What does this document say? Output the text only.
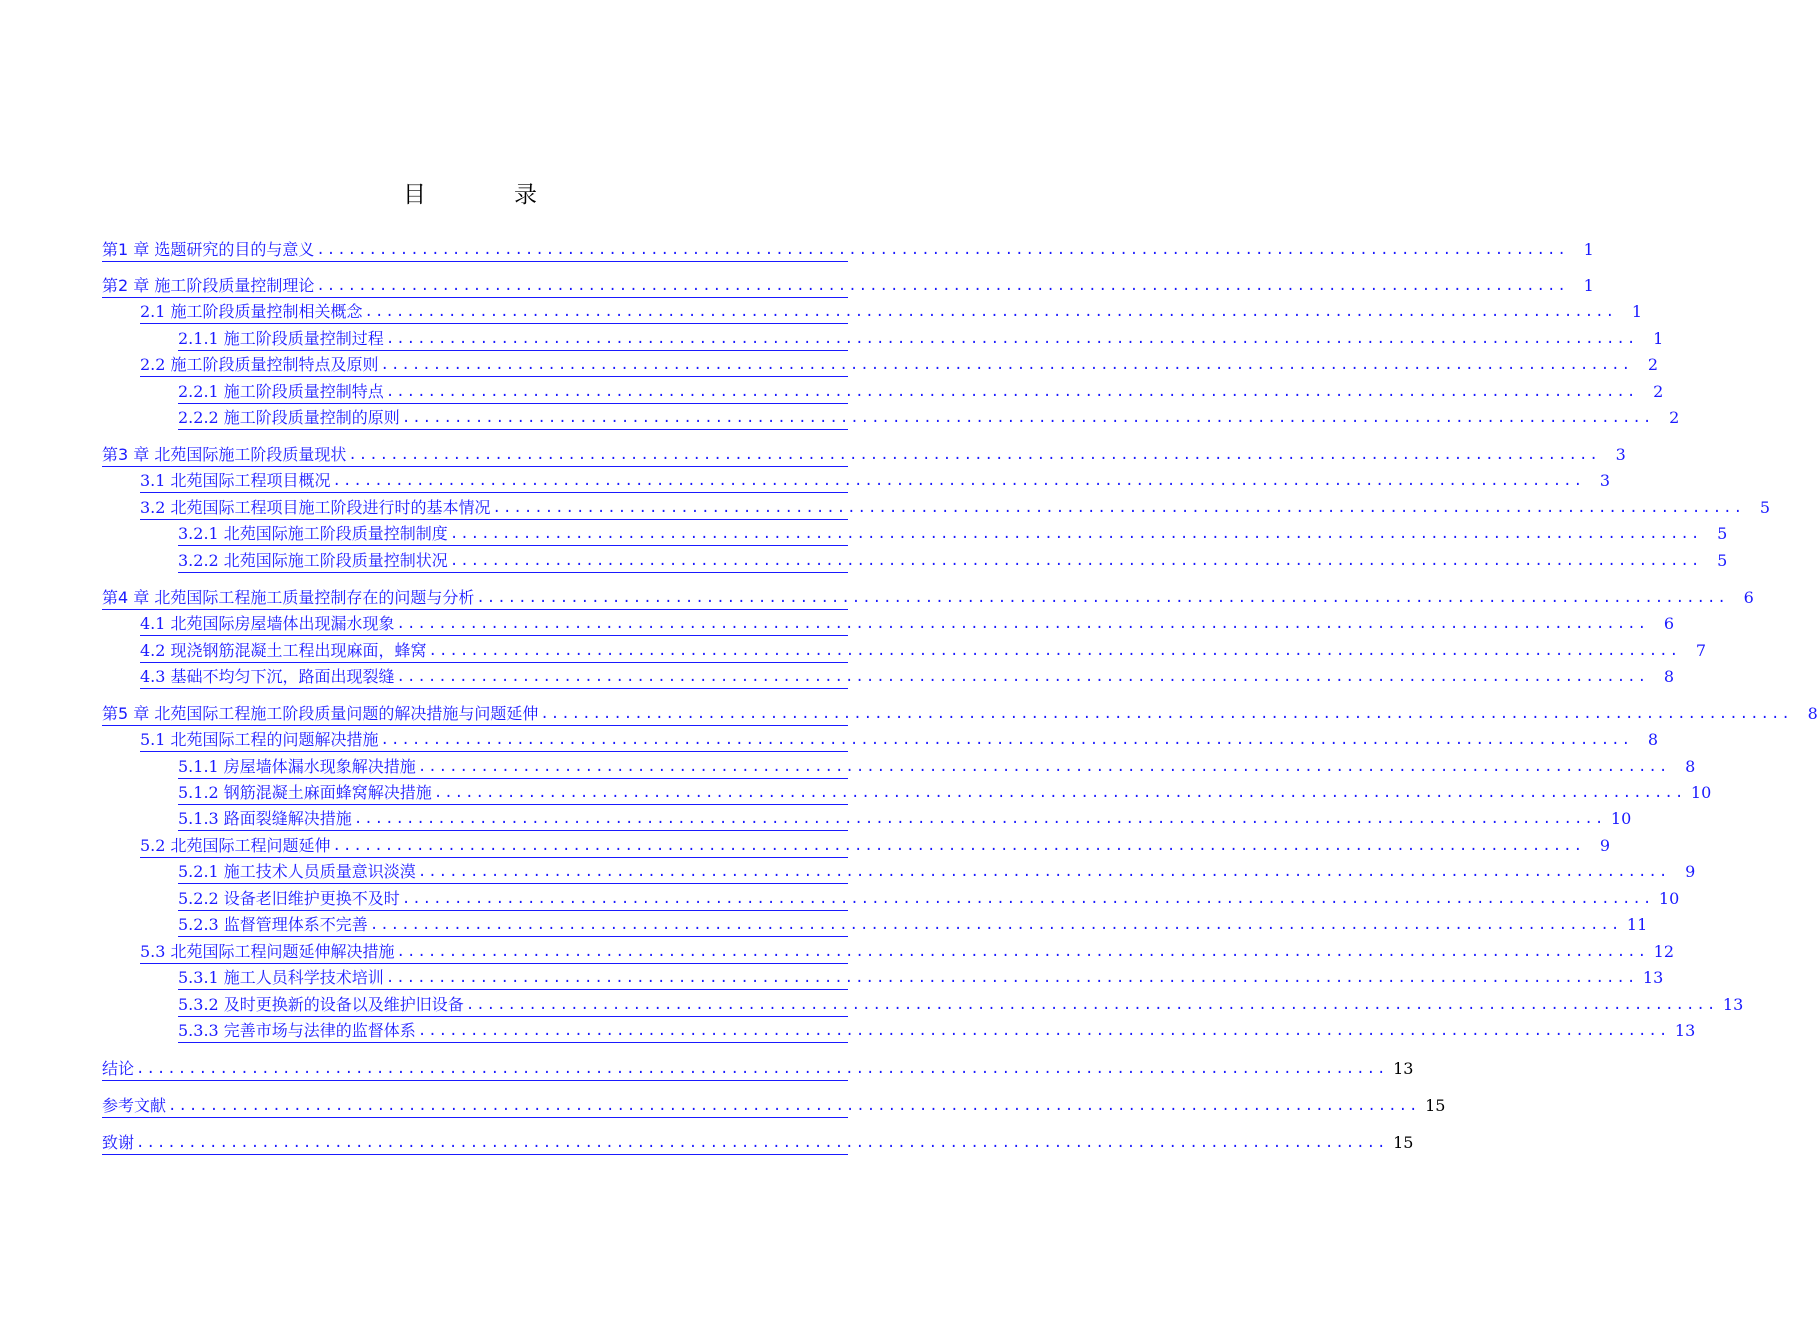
目录
第1 章 选题研究的目的与意义 ........................................................................................................................ 1
第2 章 施工阶段质量控制理论 ........................................................................................................................ 1
2.1 施工阶段质量控制相关概念 ........................................................................................................................ 1
2.1.1 施工阶段质量控制过程 ........................................................................................................................ 1
2.2 施工阶段质量控制特点及原则 ........................................................................................................................ 2
2.2.1 施工阶段质量控制特点 ........................................................................................................................ 2
2.2.2 施工阶段质量控制的原则 ........................................................................................................................ 2
第3 章 北苑国际施工阶段质量现状 ........................................................................................................................ 3
3.1 北苑国际工程项目概况 ........................................................................................................................ 3
3.2 北苑国际工程项目施工阶段进行时的基本情况 ........................................................................................................................ 5
3.2.1 北苑国际施工阶段质量控制制度 ........................................................................................................................ 5
3.2.2 北苑国际施工阶段质量控制状况 ........................................................................................................................ 5
第4 章 北苑国际工程施工质量控制存在的问题与分析 ........................................................................................................................ 6
4.1 北苑国际房屋墙体出现漏水现象 ........................................................................................................................ 6
4.2 现浇钢筋混凝土工程出现麻面，蜂窝 ........................................................................................................................ 7
4.3 基础不均匀下沉，路面出现裂缝 ........................................................................................................................ 8
第5 章 北苑国际工程施工阶段质量问题的解决措施与问题延伸 ........................................................................................................................ 8
5.1 北苑国际工程的问题解决措施 ........................................................................................................................ 8
5.1.1 房屋墙体漏水现象解决措施 ........................................................................................................................ 8
5.1.2 钢筋混凝土麻面蜂窝解决措施 ........................................................................................................................ 10
5.1.3 路面裂缝解决措施 ........................................................................................................................ 10
5.2 北苑国际工程问题延伸 ........................................................................................................................ 9
5.2.1 施工技术人员质量意识淡漠 ........................................................................................................................ 9
5.2.2 设备老旧维护更换不及时 ........................................................................................................................ 10
5.2.3 监督管理体系不完善 ........................................................................................................................ 11
5.3 北苑国际工程问题延伸解决措施 ........................................................................................................................ 12
5.3.1 施工人员科学技术培训 ........................................................................................................................ 13
5.3.2 及时更换新的设备以及维护旧设备 ........................................................................................................................ 13
5.3.3 完善市场与法律的监督体系 ........................................................................................................................ 13
结论 ........................................................................................................................ 13
参考文献 ........................................................................................................................ 15
致谢 ........................................................................................................................ 15
